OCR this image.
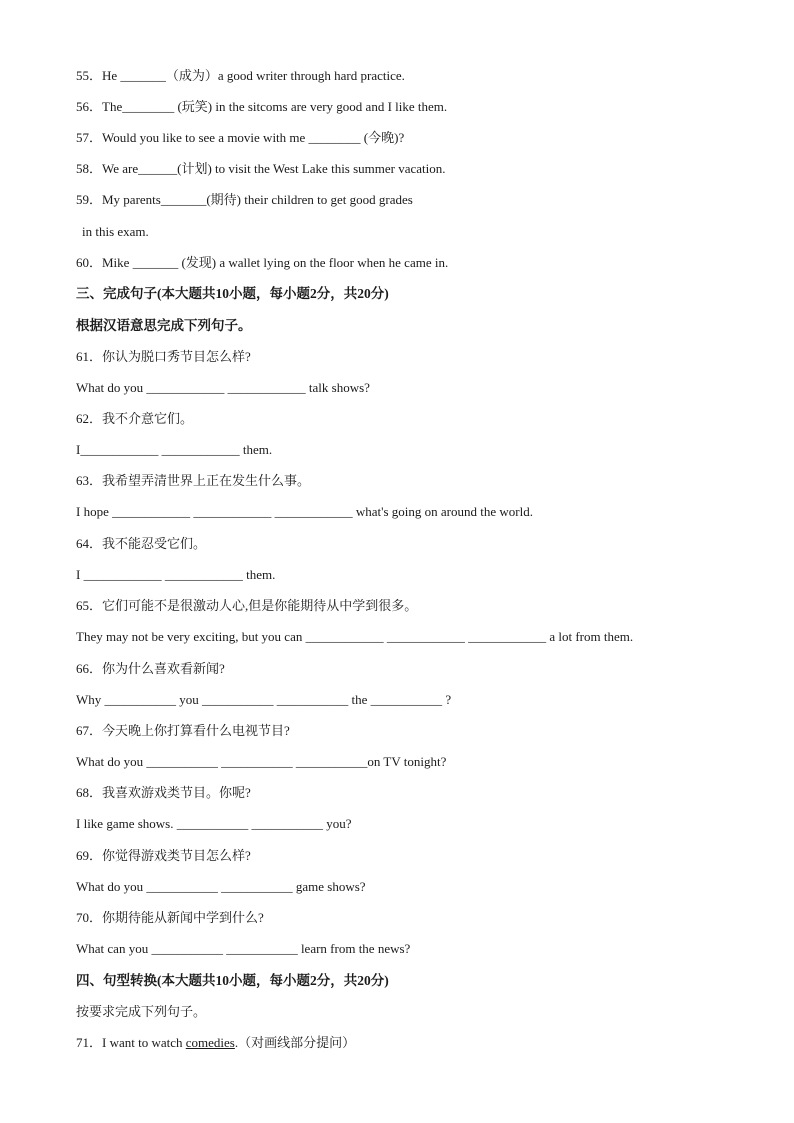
55．He _______（成为）a good writer through hard practice.
56．The________ (玩笑) in the sitcoms are very good and I like them.
57．Would you like to see a movie with me ________ (今晚)?
58．We are______(计划) to visit the West Lake this summer vacation.
59．My parents_______(期待) their children to get good grades
in this exam.
60．Mike _______ (发现) a wallet lying on the floor when he came in.
三、完成句子(本大题共10小题，每小题2分，共20分)
根据汉语意思完成下列句子。
61．你认为脱口秀节目怎么样?
What do you ____________ ____________ talk shows?
62．我不介意它们。
I____________ ____________ them.
63．我希望弄清世界上正在发生什么事。
I hope ____________ ____________ ____________ what's going on around the world.
64．我不能忍受它们。
I ____________ ____________ them.
65．它们可能不是很激动人心,但是你能期待从中学到很多。
They may not be very exciting, but you can ____________ ____________ ____________ a lot from them.
66．你为什么喜欢看新闻?
Why ___________ you ___________ ___________ the ___________ ?
67．今天晚上你打算看什么电视节目?
What do you ___________ ___________ ___________on TV tonight?
68．我喜欢游戏类节目。你呢?
I like game shows. ___________ ___________ you?
69．你觉得游戏类节目怎么样?
What do you ___________ ___________ game shows?
70．你期待能从新闻中学到什么?
What can you ___________ ___________ learn from the news?
四、句型转换(本大题共10小题，每小题2分，共20分)
按要求完成下列句子。
71．I want to watch comedies.（对画线部分提问）
